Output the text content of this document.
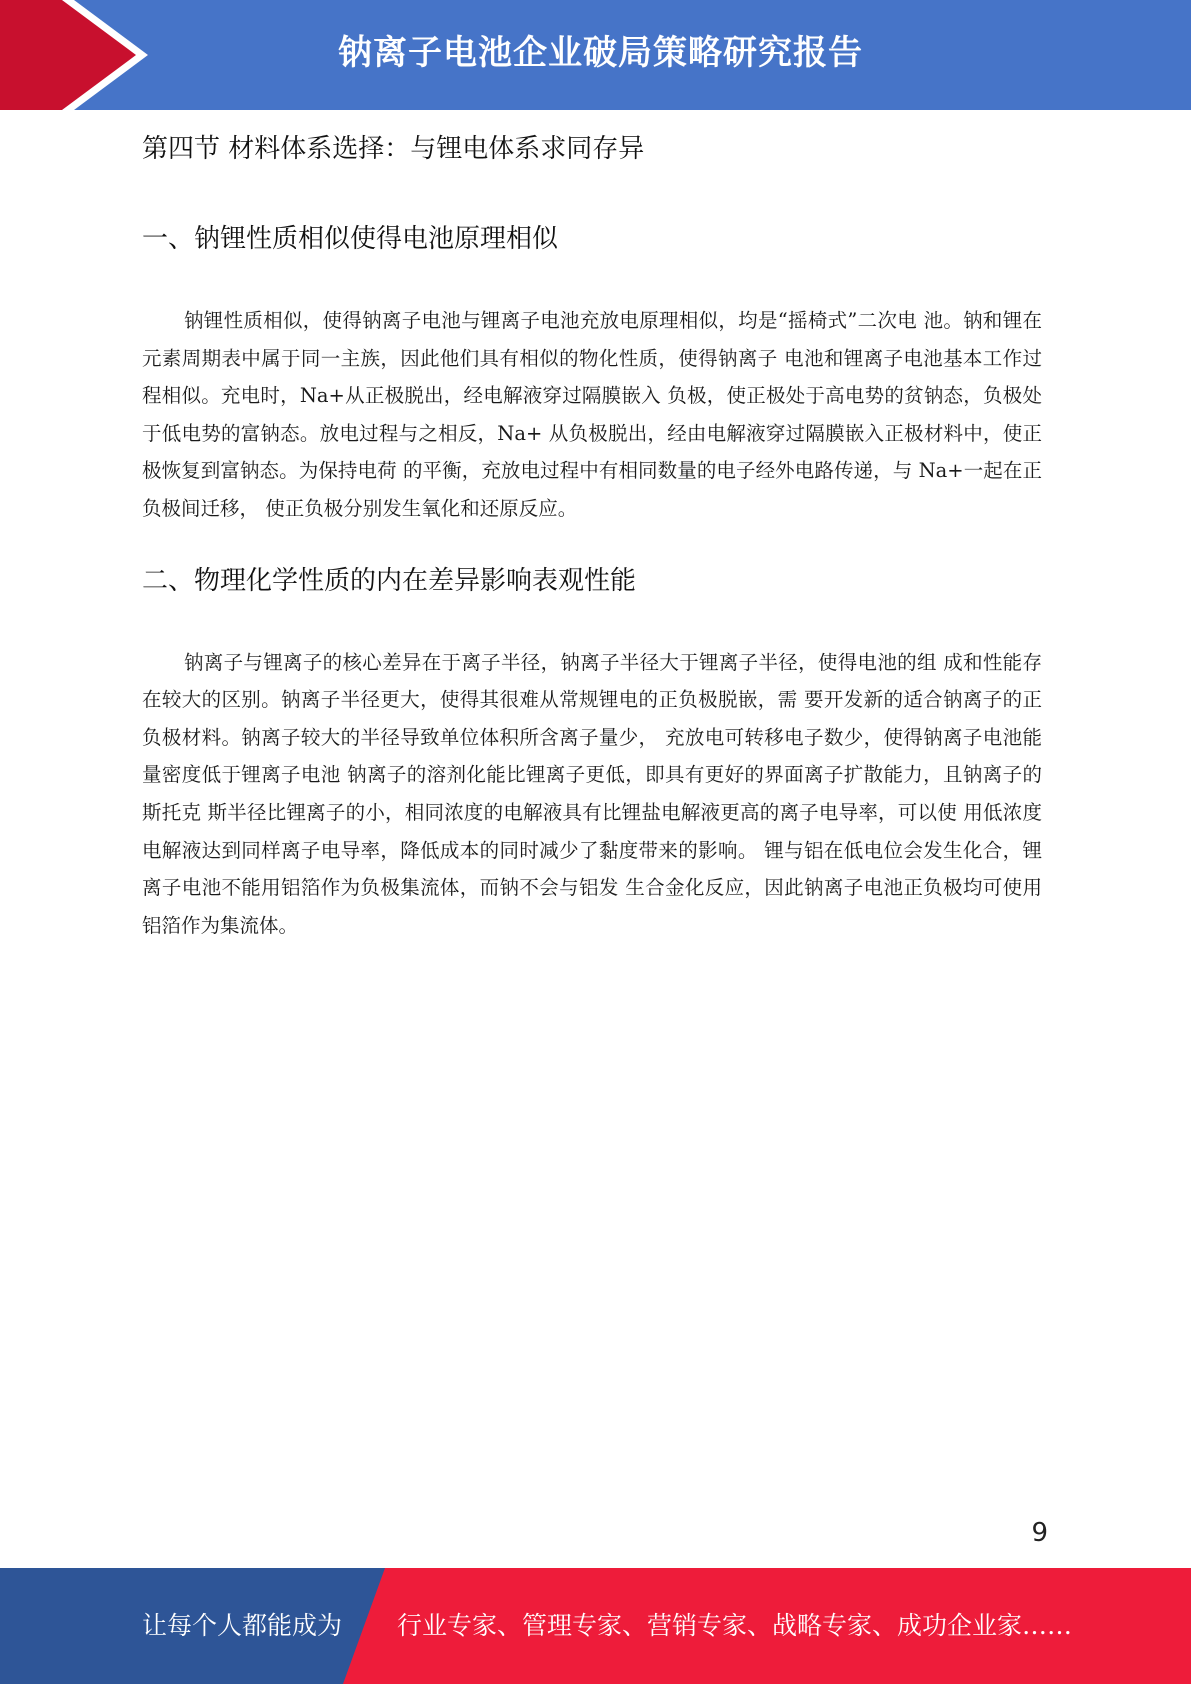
钠离子电池企业破局策略研究报告
第四节 材料体系选择：与锂电体系求同存异
一、钠锂性质相似使得电池原理相似

钠锂性质相似，使得钠离子电池与锂离子电池充放电原理相似，均是“摇椅式”二次电 池。钠和锂在元素周期表中属于同一主族，因此他们具有相似的物化性质，使得钠离子 电池和锂离子电池基本工作过程相似。充电时，Na+从正极脱出，经电解液穿过隔膜嵌入 负极，使正极处于高电势的贫钠态，负极处于低电势的富钠态。放电过程与之相反，Na+ 从负极脱出，经由电解液穿过隔膜嵌入正极材料中，使正极恢复到富钠态。为保持电荷 的平衡，充放电过程中有相同数量的电子经外电路传递，与 Na+一起在正负极间迁移， 使正负极分别发生氧化和还原反应。

二、物理化学性质的内在差异影响表观性能

钠离子与锂离子的核心差异在于离子半径，钠离子半径大于锂离子半径，使得电池的组 成和性能存在较大的区别。钠离子半径更大，使得其很难从常规锂电的正负极脱嵌，需 要开发新的适合钠离子的正负极材料。钠离子较大的半径导致单位体积所含离子量少， 充放电可转移电子数少，使得钠离子电池能量密度低于锂离子电池 钠离子的溶剂化能比锂离子更低，即具有更好的界面离子扩散能力，且钠离子的斯托克 斯半径比锂离子的小，相同浓度的电解液具有比锂盐电解液更高的离子电导率，可以使 用低浓度电解液达到同样离子电导率，降低成本的同时减少了黏度带来的影响。 锂与铝在低电位会发生化合，锂离子电池不能用铝箔作为负极集流体，而钠不会与铝发 生合金化反应，因此钠离子电池正负极均可使用铝箔作为集流体。

9
让每个人都能成为 行业专家、管理专家、营销专家、战略专家、成功企业家……
